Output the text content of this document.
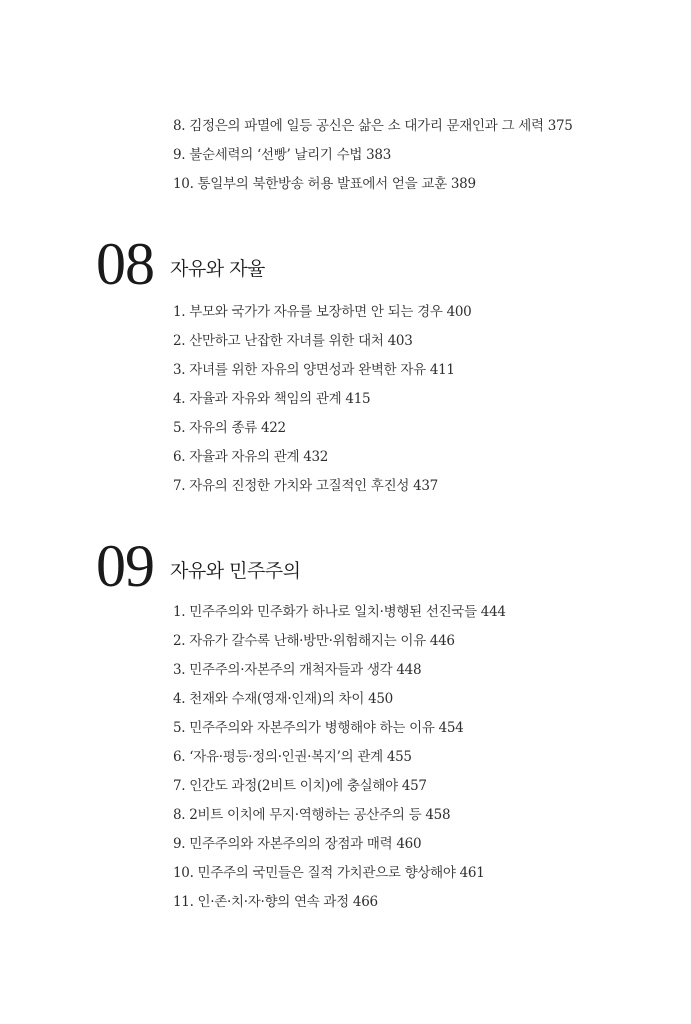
8. 김정은의 파멸에 일등 공신은 삶은 소 대가리 문재인과 그 세력 375
9. 불순세력의 ‘선빵’ 날리기 수법 383
10. 통일부의 북한방송 허용 발표에서 얻을 교훈 389
08 자유와 자율
1. 부모와 국가가 자유를 보장하면 안 되는 경우 400
2. 산만하고 난잡한 자녀를 위한 대처 403
3. 자녀를 위한 자유의 양면성과 완벽한 자유 411
4. 자율과 자유와 책임의 관계 415
5. 자유의 종류 422
6. 자율과 자유의 관계 432
7. 자유의 진정한 가치와 고질적인 후진성 437
09 자유와 민주주의
1. 민주주의와 민주화가 하나로 일치·병행된 선진국들 444
2. 자유가 갈수록 난해·방만·위험해지는 이유 446
3. 민주주의·자본주의 개척자들과 생각 448
4. 천재와 수재(영재·인재)의 차이 450
5. 민주주의와 자본주의가 병행해야 하는 이유 454
6. ‘자유·평등·정의·인권·복지’의 관계 455
7. 인간도 과정(2비트 이치)에 충실해야 457
8. 2비트 이치에 무지·역행하는 공산주의 등 458
9. 민주주의와 자본주의의 장점과 매력 460
10. 민주주의 국민들은 질적 가치관으로 향상해야 461
11. 인·존·치·자·향의 연속 과정 466
